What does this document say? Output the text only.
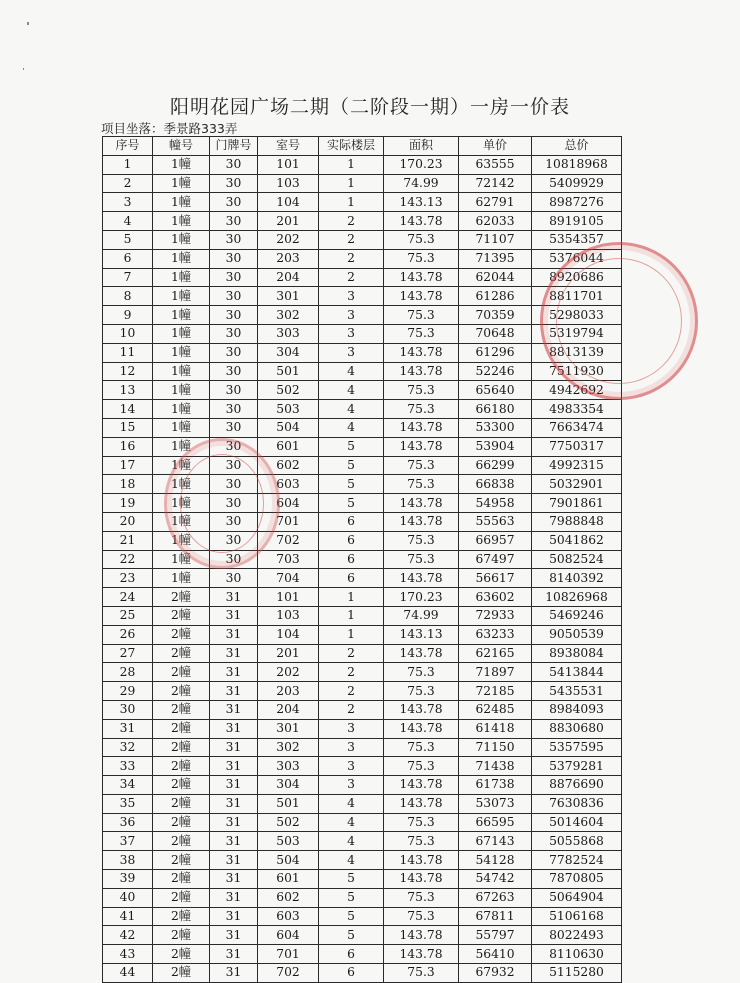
阳明花园广场二期（二阶段一期）一房一价表
项目坐落：季景路333弄
序号	幢号	门牌号	室号	实际楼层	面积	单价	总价
1	1幢	30	101	1	170.23	63555	10818968
2	1幢	30	103	1	74.99	72142	5409929
3	1幢	30	104	1	143.13	62791	8987276
4	1幢	30	201	2	143.78	62033	8919105
5	1幢	30	202	2	75.3	71107	5354357
6	1幢	30	203	2	75.3	71395	5376044
7	1幢	30	204	2	143.78	62044	8920686
8	1幢	30	301	3	143.78	61286	8811701
9	1幢	30	302	3	75.3	70359	5298033
10	1幢	30	303	3	75.3	70648	5319794
11	1幢	30	304	3	143.78	61296	8813139
12	1幢	30	501	4	143.78	52246	7511930
13	1幢	30	502	4	75.3	65640	4942692
14	1幢	30	503	4	75.3	66180	4983354
15	1幢	30	504	4	143.78	53300	7663474
16	1幢	30	601	5	143.78	53904	7750317
17	1幢	30	602	5	75.3	66299	4992315
18	1幢	30	603	5	75.3	66838	5032901
19	1幢	30	604	5	143.78	54958	7901861
20	1幢	30	701	6	143.78	55563	7988848
21	1幢	30	702	6	75.3	66957	5041862
22	1幢	30	703	6	75.3	67497	5082524
23	1幢	30	704	6	143.78	56617	8140392
24	2幢	31	101	1	170.23	63602	10826968
25	2幢	31	103	1	74.99	72933	5469246
26	2幢	31	104	1	143.13	63233	9050539
27	2幢	31	201	2	143.78	62165	8938084
28	2幢	31	202	2	75.3	71897	5413844
29	2幢	31	203	2	75.3	72185	5435531
30	2幢	31	204	2	143.78	62485	8984093
31	2幢	31	301	3	143.78	61418	8830680
32	2幢	31	302	3	75.3	71150	5357595
33	2幢	31	303	3	75.3	71438	5379281
34	2幢	31	304	3	143.78	61738	8876690
35	2幢	31	501	4	143.78	53073	7630836
36	2幢	31	502	4	75.3	66595	5014604
37	2幢	31	503	4	75.3	67143	5055868
38	2幢	31	504	4	143.78	54128	7782524
39	2幢	31	601	5	143.78	54742	7870805
40	2幢	31	602	5	75.3	67263	5064904
41	2幢	31	603	5	75.3	67811	5106168
42	2幢	31	604	5	143.78	55797	8022493
43	2幢	31	701	6	143.78	56410	8110630
44	2幢	31	702	6	75.3	67932	5115280
